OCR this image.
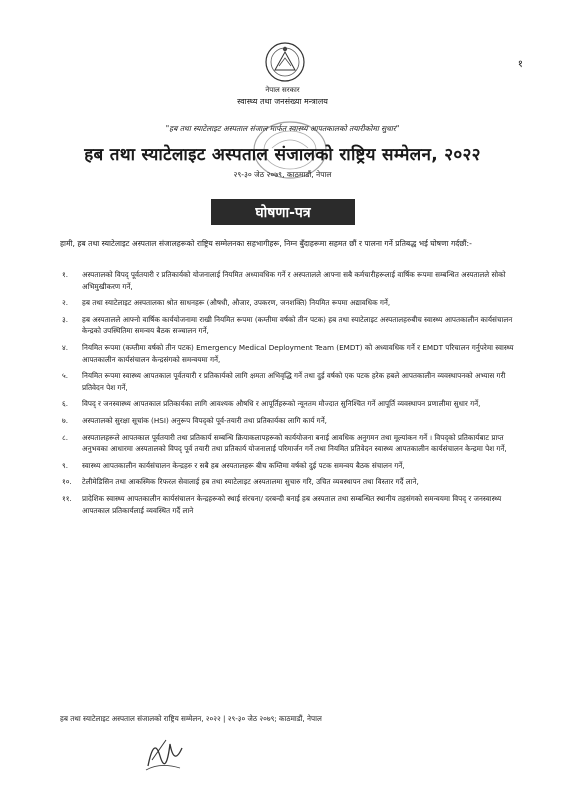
१
नेपाल सरकार
स्वास्थ्य तथा जनसंख्या मन्त्रालय
"हब तथा स्याटेलाइट अस्पताल संजाल मार्फत स्वास्थ्य आपतकालको तयारीकोमा सुधार"
हब तथा स्याटेलाइट अस्पताल संजालको राष्ट्रिय सम्मेलन, २०२२
२९-३० जेठ २०७९, काठमाडौं, नेपाल
घोषणा-पत्र
हामी, हब तथा स्याटेलाइट अस्पताल संजालहरूको राष्ट्रिय सम्मेलनका सहभागीहरू, निम्न बुँदाहरूमा सहमत छौं र पालना गर्ने प्रतिबद्ध भई घोषणा गर्दछौं:-
१. अस्पतालको विपद् पूर्वतयारी र प्रतिकार्यको योजनालाई नियमित अध्यावधिक गर्ने र अस्पतालले आफ्ना सबै कर्मचारीहरूलाई वार्षिक रूपमा सम्बन्धित अस्पतालले सोको अभिमुखीकरण गर्ने,
२. हब तथा स्याटेलाइट अस्पतालका श्रोत साधनहरू (औषधी, औजार, उपकरण, जनशक्ति) नियमित रूपमा अद्यावधिक गर्ने,
३. हब अस्पतालले आफ्नो वार्षिक कार्ययोजनामा राखी नियमित रूपमा (कम्तीमा वर्षको तीन पटक) हब तथा स्याटेलाइट अस्पतालहरुबीच स्वास्थ्य आपतकालीन कार्यसंचालन केन्द्रको उपस्थितिमा समन्वय बैठक सञ्चालन गर्ने,
४. नियमित रूपमा (कम्तीमा वर्षको तीन पटक) Emergency Medical Deployment Team (EMDT) को अध्यावधिक गर्ने र EMDT परिचालन गर्नुपरेमा स्वास्थ्य आपतकालीन कार्यसंचालन केन्द्रसंगको समन्वयमा गर्ने,
५. नियमित रूपमा स्वास्थ्य आपतकाल पूर्वतयारी र प्रतिकार्यको लागि क्षमता अभिवृद्धि गर्ने तथा दुई वर्षको एक पटक हरेक हबले आपतकालीन व्यवस्थापनको अभ्यास गरी प्रतिवेदन पेश गर्ने,
६. विपद् र जनस्वास्थ्य आपतकाल प्रतिकार्यका लागि आवश्यक औषधि र आपूर्तिहरूको न्यूनतम मौज्दात सुनिश्चित गर्ने आपूर्ति व्यवस्थापन प्रणालीमा सुधार गर्ने,
७. अस्पतालको सुरक्षा सूचांक (HSI) अनुरूप विपद्को पूर्व-तयारी तथा प्रतिकार्यका लागि कार्य गर्ने,
८. अस्पतालहरूले आपतकाल पूर्वतयारी तथा प्रतिकार्य सम्बन्धि क्रियाकलापहरूको कार्ययोजना बनाई आवधिक अनुगमन तथा मूल्यांकन गर्ने । विपद्को प्रतिकार्यबाट प्राप्त अनुभवका आधारमा अस्पतालको विपद् पूर्व तयारी तथा प्रतिकार्य योजनालाई परिमार्जन गर्ने तथा नियमित प्रतिवेदन स्वास्थ्य आपतकालीन कार्यसंचालन केन्द्रमा पेश गर्ने,
९. स्वास्थ्य आपतकालीन कार्यसंचालन केन्द्रहरु र सबै हब अस्पतालहरू बीच कम्तिमा वर्षको दुई पटक समन्वय बैठक संचालन गर्ने,
१०. टेलीमेडिसिन तथा आकस्मिक रिफरल सेवालाई हब तथा स्याटेलाइट अस्पतालमा सुचारु गरि, उचित व्यवस्थापन तथा विस्तार गर्दै लाने,
११. प्रादेशिक स्वास्थ्य आपतकालीन कार्यसंचालन केन्द्रहरूको स्थाई संरचना/ दरबन्दी बनाई हब अस्पताल तथा सम्बन्धित स्थानीय तहसंगको समन्वयमा विपद् र जनस्वास्थ्य आपतकाल प्रतिकार्यलाई व्यवस्थित गर्दै लाने
हब तथा स्याटेलाइट अस्पताल संजालको राष्ट्रिय सम्मेलन, २०२२ | २९-३० जेठ २०७९; काठमाडौं, नेपाल
